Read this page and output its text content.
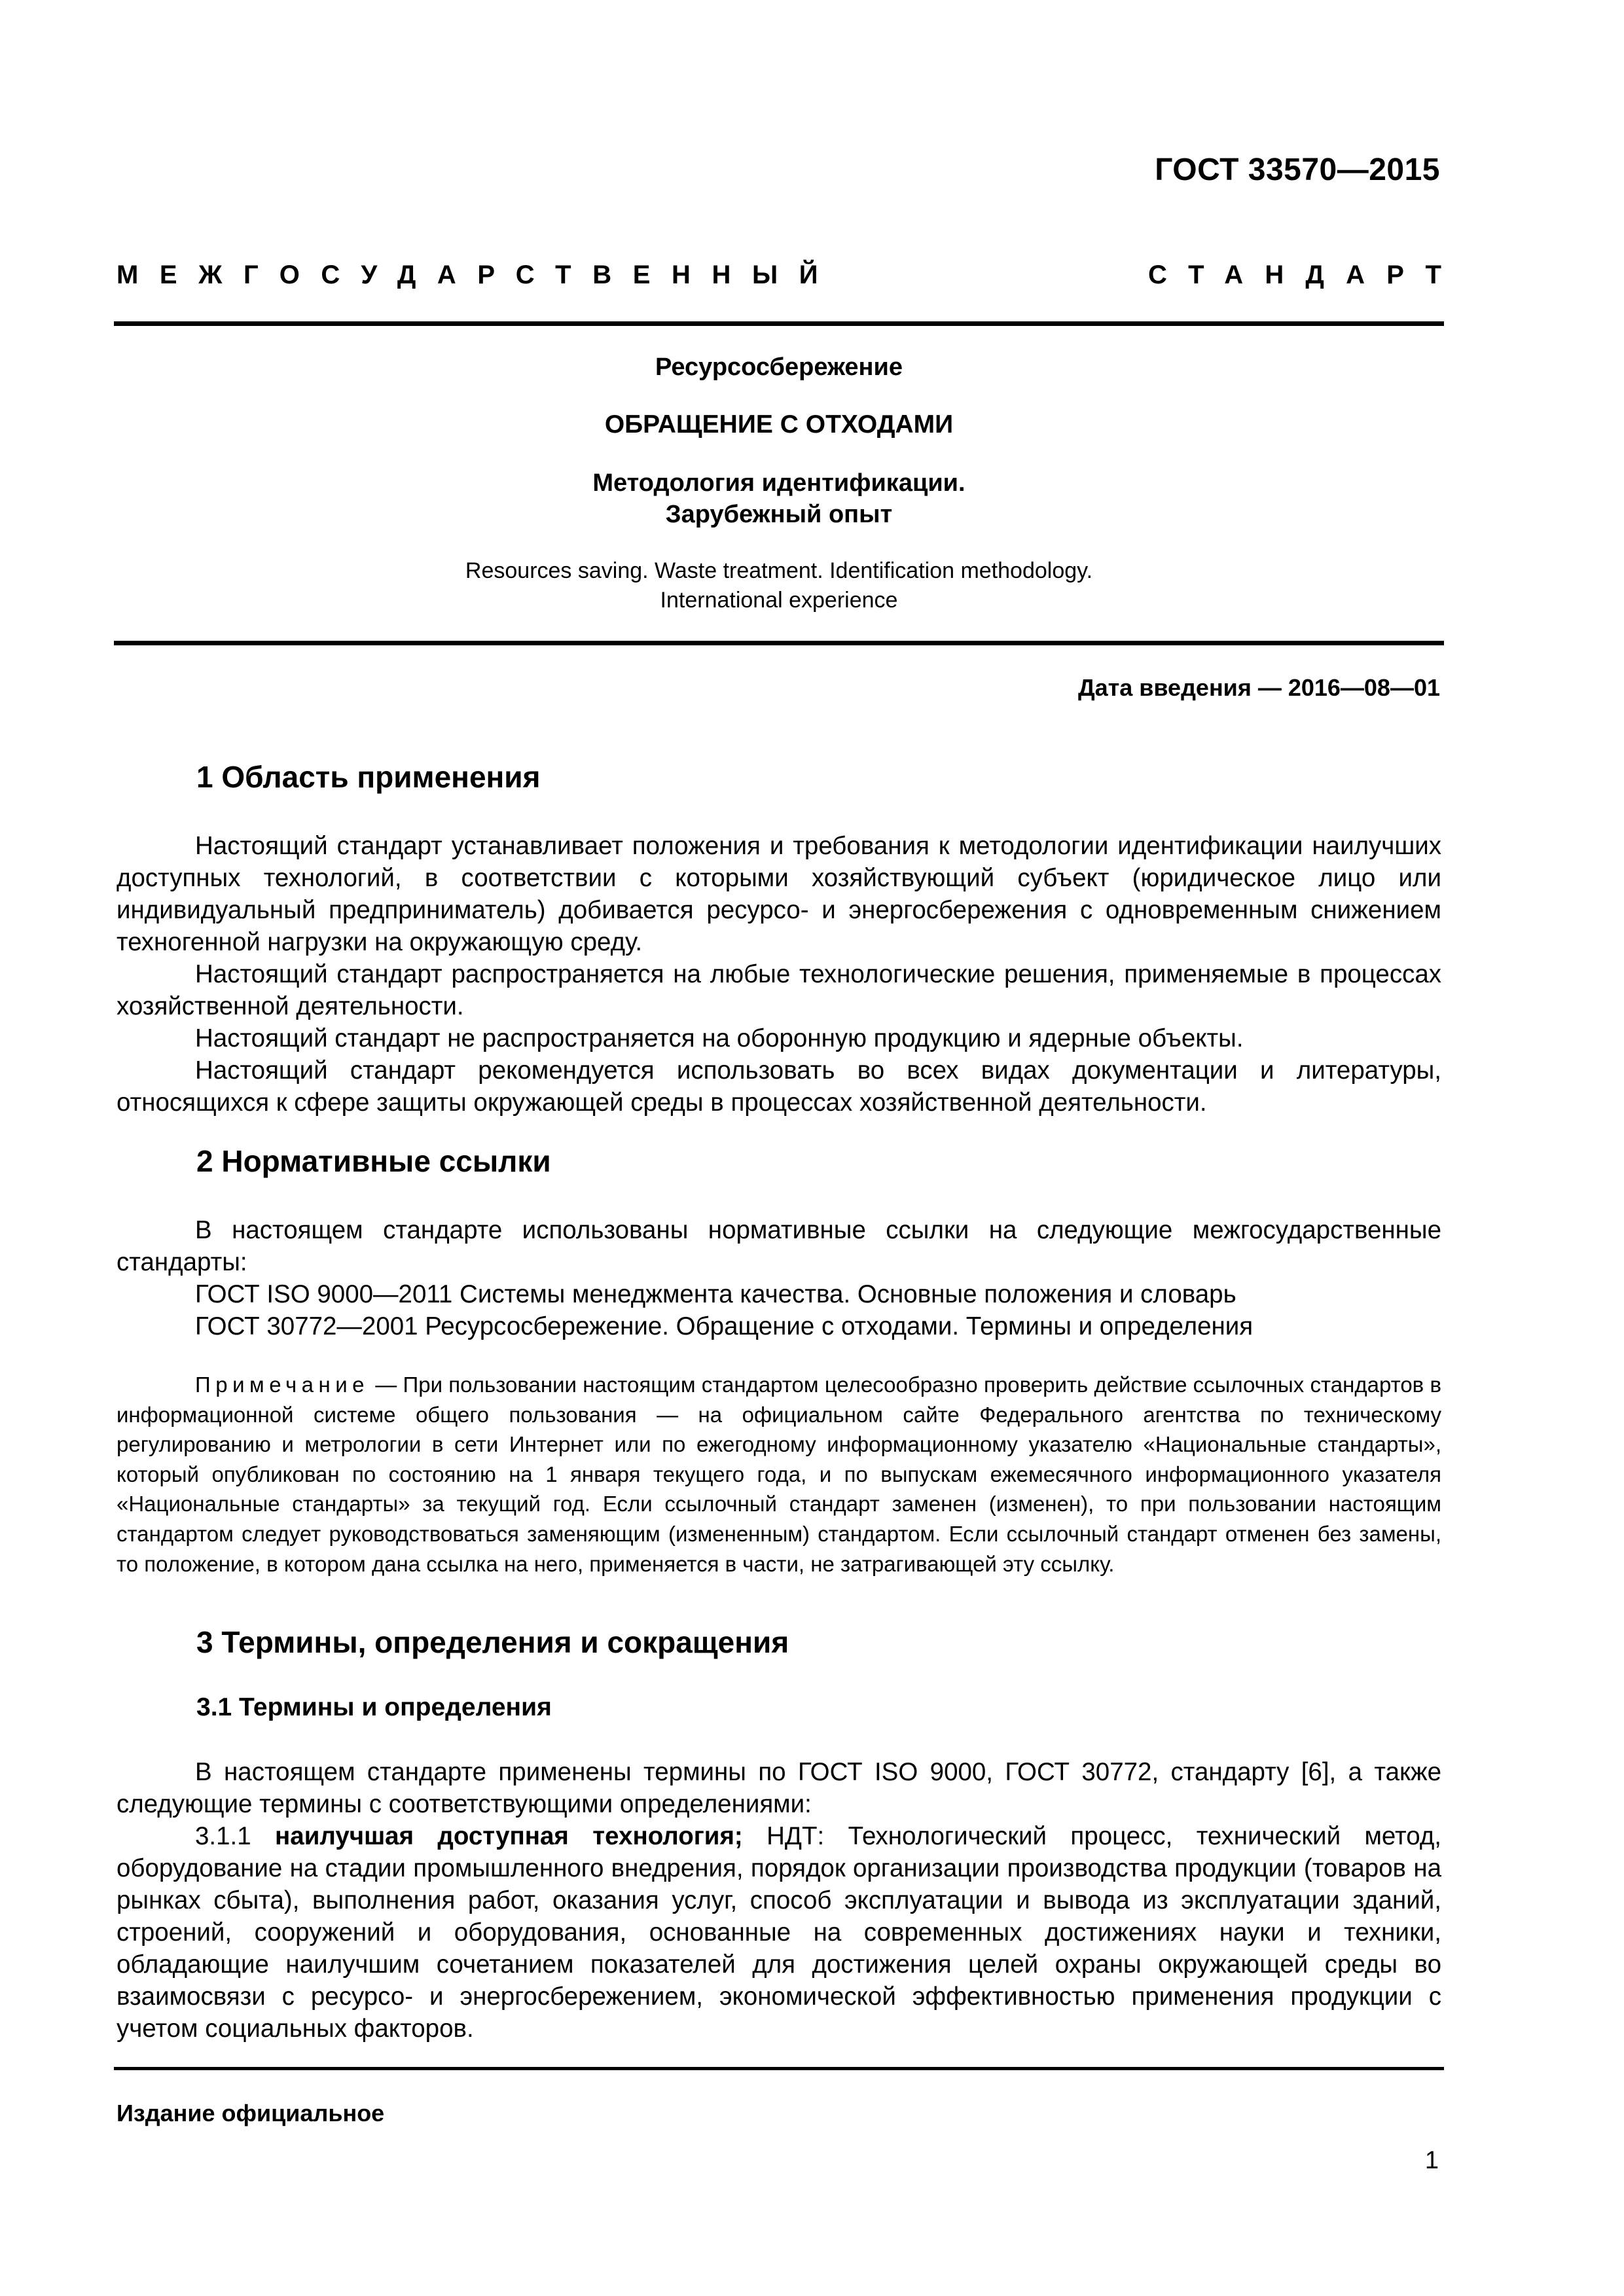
ГОСТ 33570—2015
МЕЖГОСУДАРСТВЕННЫЙ	СТАНДАРТ
Ресурсосбережение
ОБРАЩЕНИЕ С ОТХОДАМИ
Методология идентификации.
Зарубежный опыт
Resources saving. Waste treatment. Identification methodology.
International experience
Дата введения — 2016—08—01
1 Область применения

Настоящий стандарт устанавливает положения и требования к методологии идентификации наилучших доступных технологий, в соответствии с которыми хозяйствующий субъект (юридическое лицо или индивидуальный предприниматель) добивается ресурсо- и энергосбережения с одновременным снижением техногенной нагрузки на окружающую среду.

Настоящий стандарт распространяется на любые технологические решения, применяемые в процессах хозяйственной деятельности.

Настоящий стандарт не распространяется на оборонную продукцию и ядерные объекты.

Настоящий стандарт рекомендуется использовать во всех видах документации и литературы, относящихся к сфере защиты окружающей среды в процессах хозяйственной деятельности.

2 Нормативные ссылки

В настоящем стандарте использованы нормативные ссылки на следующие межгосударственные стандарты:

ГОСТ ISO 9000—2011 Системы менеджмента качества. Основные положения и словарь

ГОСТ 30772—2001 Ресурсосбережение. Обращение с отходами. Термины и определения

Примечание — При пользовании настоящим стандартом целесообразно проверить действие ссылочных стандартов в информационной системе общего пользования — на официальном сайте Федерального агентства по техническому регулированию и метрологии в сети Интернет или по ежегодному информационному указателю «Национальные стандарты», который опубликован по состоянию на 1 января текущего года, и по выпускам ежемесячного информационного указателя «Национальные стандарты» за текущий год. Если ссылочный стандарт заменен (изменен), то при пользовании настоящим стандартом следует руководствоваться заменяющим (измененным) стандартом. Если ссылочный стандарт отменен без замены, то положение, в котором дана ссылка на него, применяется в части, не затрагивающей эту ссылку.

3 Термины, определения и сокращения
3.1 Термины и определения

В настоящем стандарте применены термины по ГОСТ ISO 9000, ГОСТ 30772, стандарту [6], а также следующие термины с соответствующими определениями:

3.1.1 наилучшая доступная технология; НДТ: Технологический процесс, технический метод, оборудование на стадии промышленного внедрения, порядок организации производства продукции (товаров на рынках сбыта), выполнения работ, оказания услуг, способ эксплуатации и вывода из эксплуатации зданий, строений, сооружений и оборудования, основанные на современных достижениях науки и техники, обладающие наилучшим сочетанием показателей для достижения целей охраны окружающей среды во взаимосвязи с ресурсо- и энергосбережением, экономической эффективностью применения продукции с учетом социальных факторов.

Издание официальное
1
